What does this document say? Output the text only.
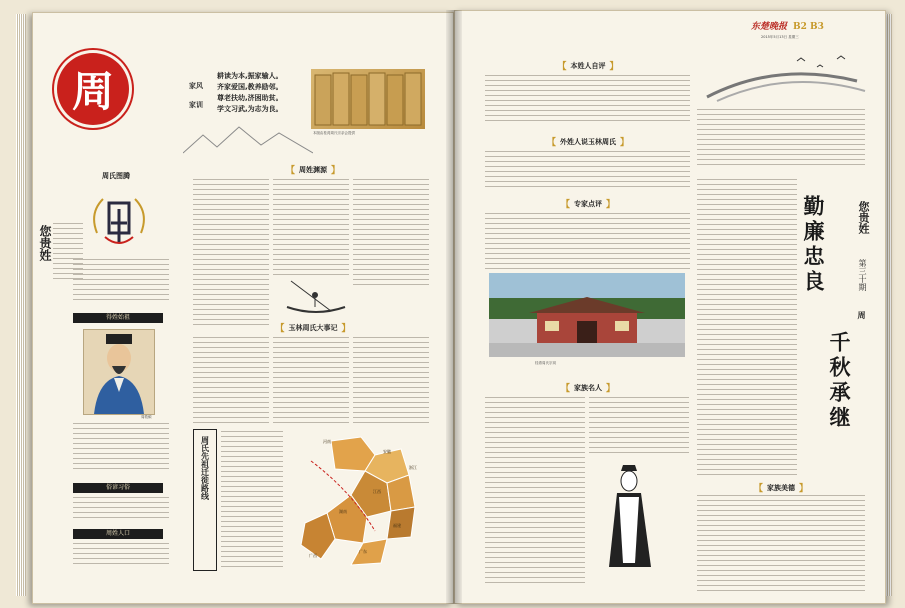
周
您贵姓
周氏图腾
得姓始祖
周敦颐
俗谚习俗
周姓人口
家风家训
耕读为本,振家输人。
齐家爱国,教养励邻。
尊老扶幼,济困助贫。
学文习武,为志为良。
本版由桂湾周氏宗亲会提供
【 周姓渊源 】
【 玉林周氏大事记 】
周氏先祖迁徙路线	河南
安徽
江西
福建
湖南
广东
广西
浙江
东楚晚报 B2 B3
2015年5月13日 星期三
【 本姓人自评 】
【 外姓人说玉林周氏 】
【 专家点评 】
桂湾周氏宗祠
【 家族名人 】
勤廉忠良
千秋承继
您贵姓
第三十期
周
【 家族美德 】
